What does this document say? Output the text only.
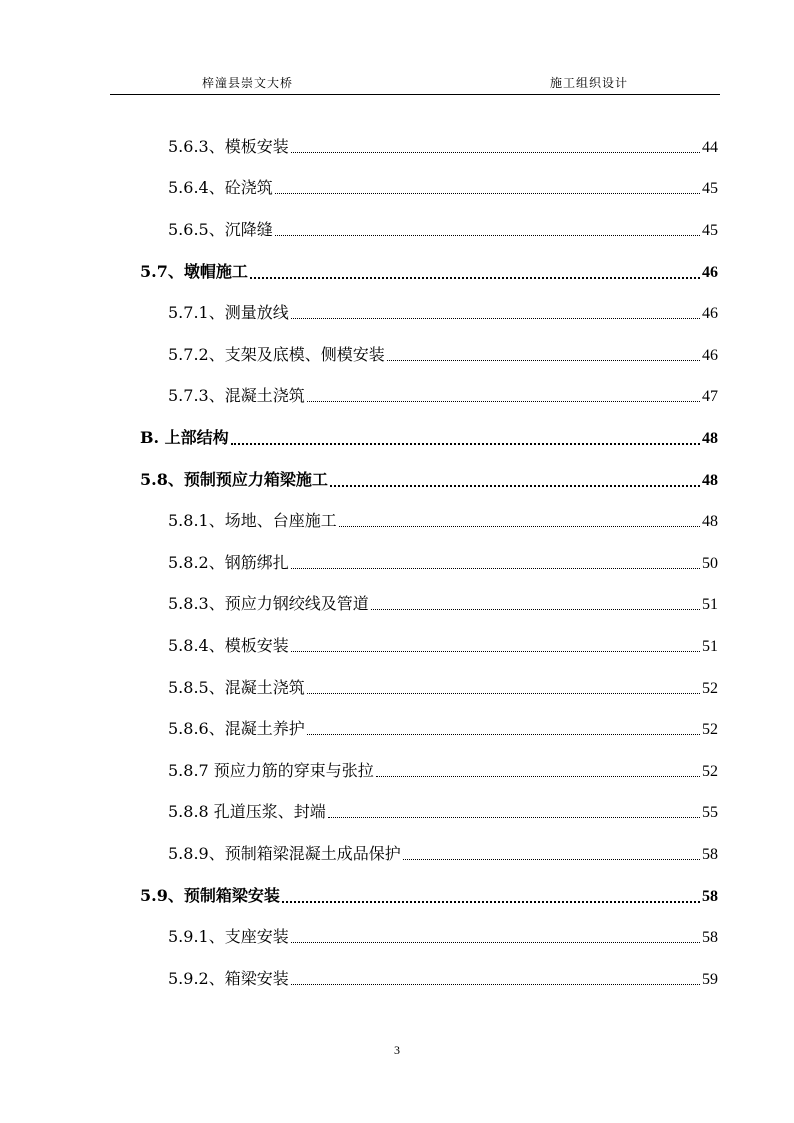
梓潼县崇文大桥	施工组织设计
5.6.3、模板安装	44
5.6.4、砼浇筑	45
5.6.5、沉降缝	45
5.7、墩帽施工	46
5.7.1、测量放线	46
5.7.2、支架及底模、侧模安装	46
5.7.3、混凝土浇筑	47
B. 上部结构	48
5.8、预制预应力箱梁施工	48
5.8.1、场地、台座施工	48
5.8.2、钢筋绑扎	50
5.8.3、预应力钢绞线及管道	51
5.8.4、模板安装	51
5.8.5、混凝土浇筑	52
5.8.6、混凝土养护	52
5.8.7 预应力筋的穿束与张拉	52
5.8.8 孔道压浆、封端	55
5.8.9、预制箱梁混凝土成品保护	58
5.9、预制箱梁安装	58
5.9.1、支座安装	58
5.9.2、箱梁安装	59
3
